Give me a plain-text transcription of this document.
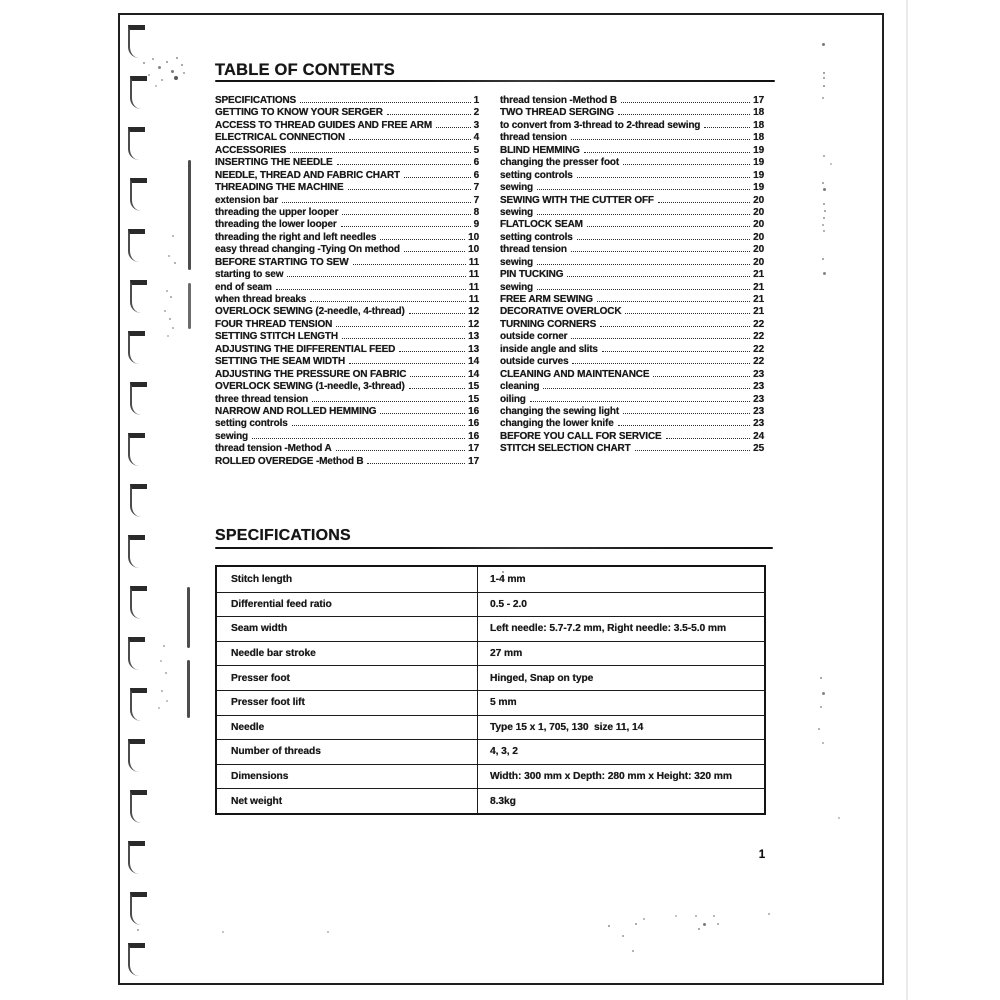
TABLE OF CONTENTS
SPECIFICATIONS	1
GETTING TO KNOW YOUR SERGER	2
ACCESS TO THREAD GUIDES AND FREE ARM	3
ELECTRICAL CONNECTION	4
ACCESSORIES	5
INSERTING THE NEEDLE	6
NEEDLE, THREAD AND FABRIC CHART	6
THREADING THE MACHINE	7
extension bar	7
threading the upper looper	8
threading the lower looper	9
threading the right and left needles	10
easy thread changing -Tying On method	10
BEFORE STARTING TO SEW	11
starting to sew	11
end of seam	11
when thread breaks	11
OVERLOCK SEWING (2-needle, 4-thread)	12
FOUR THREAD TENSION	12
SETTING STITCH LENGTH	13
ADJUSTING THE DIFFERENTIAL FEED	13
SETTING THE SEAM WIDTH	14
ADJUSTING THE PRESSURE ON FABRIC	14
OVERLOCK SEWING (1-needle, 3-thread)	15
three thread tension	15
NARROW AND ROLLED HEMMING	16
setting controls	16
sewing	16
thread tension -Method A	17
ROLLED OVEREDGE -Method B	17
thread tension -Method B	17
TWO THREAD SERGING	18
to convert from 3-thread to 2-thread sewing	18
thread tension	18
BLIND HEMMING	19
changing the presser foot	19
setting controls	19
sewing	19
SEWING WITH THE CUTTER OFF	20
sewing	20
FLATLOCK SEAM	20
setting controls	20
thread tension	20
sewing	20
PIN TUCKING	21
sewing	21
FREE ARM SEWING	21
DECORATIVE OVERLOCK	21
TURNING CORNERS	22
outside corner	22
inside angle and slits	22
outside curves	22
CLEANING AND MAINTENANCE	23
cleaning	23
oiling	23
changing the sewing light	23
changing the lower knife	23
BEFORE YOU CALL FOR SERVICE	24
STITCH SELECTION CHART	25
SPECIFICATIONS
Stitch length	1-4 mm
Differential feed ratio	0.5 - 2.0
Seam width	Left needle: 5.7-7.2 mm, Right needle: 3.5-5.0 mm
Needle bar stroke	27 mm
Presser foot	Hinged, Snap on type
Presser foot lift	5 mm
Needle	Type 15 x 1, 705, 130  size 11, 14
Number of threads	4, 3, 2
Dimensions	Width: 300 mm x Depth: 280 mm x Height: 320 mm
Net weight	8.3kg
1
